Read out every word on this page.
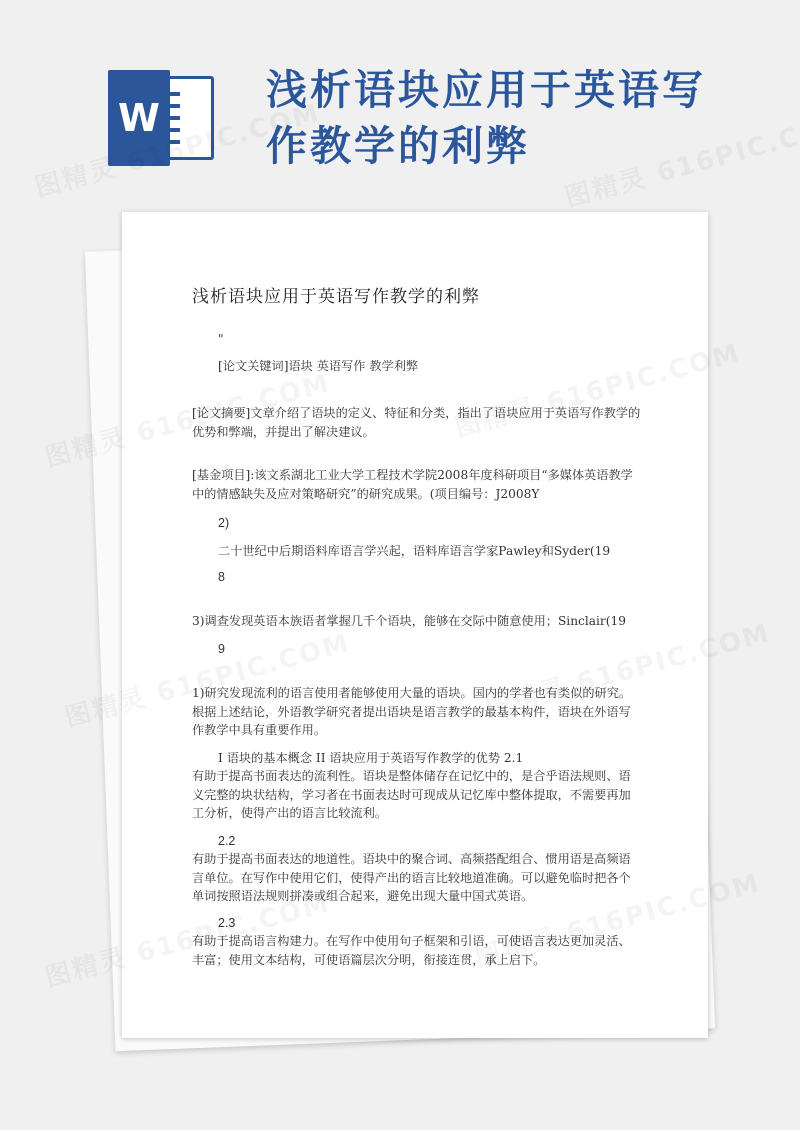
W
浅析语块应用于英语写作教学的利弊
浅析语块应用于英语写作教学的利弊

"

[论文关键词]语块 英语写作 教学利弊

[论文摘要]文章介绍了语块的定义、特征和分类，指出了语块应用于英语写作教学的优势和弊端，并提出了解决建议。

[基金项目]:该文系湖北工业大学工程技术学院2008年度科研项目“多媒体英语教学中的情感缺失及应对策略研究”的研究成果。(项目编号：J2008Y

2)

二十世纪中后期语料库语言学兴起，语料库语言学家Pawley和Syder(19

8

3)调查发现英语本族语者掌握几千个语块，能够在交际中随意使用；Sinclair(19

9

1)研究发现流利的语言使用者能够使用大量的语块。国内的学者也有类似的研究。根据上述结论，外语教学研究者提出语块是语言教学的最基本构件，语块在外语写作教学中具有重要作用。

I 语块的基本概念 II 语块应用于英语写作教学的优势 2.1

有助于提高书面表达的流利性。语块是整体储存在记忆中的，是合乎语法规则、语义完整的块状结构，学习者在书面表达时可现成从记忆库中整体提取，不需要再加工分析，使得产出的语言比较流利。

2.2

有助于提高书面表达的地道性。语块中的聚合词、高频搭配组合、惯用语是高频语言单位。在写作中使用它们，使得产出的语言比较地道准确。可以避免临时把各个单词按照语法规则拼凑或组合起来，避免出现大量中国式英语。

2.3

有助于提高语言构建力。在写作中使用句子框架和引语，可使语言表达更加灵活、丰富；使用文本结构，可使语篇层次分明，衔接连贯，承上启下。
